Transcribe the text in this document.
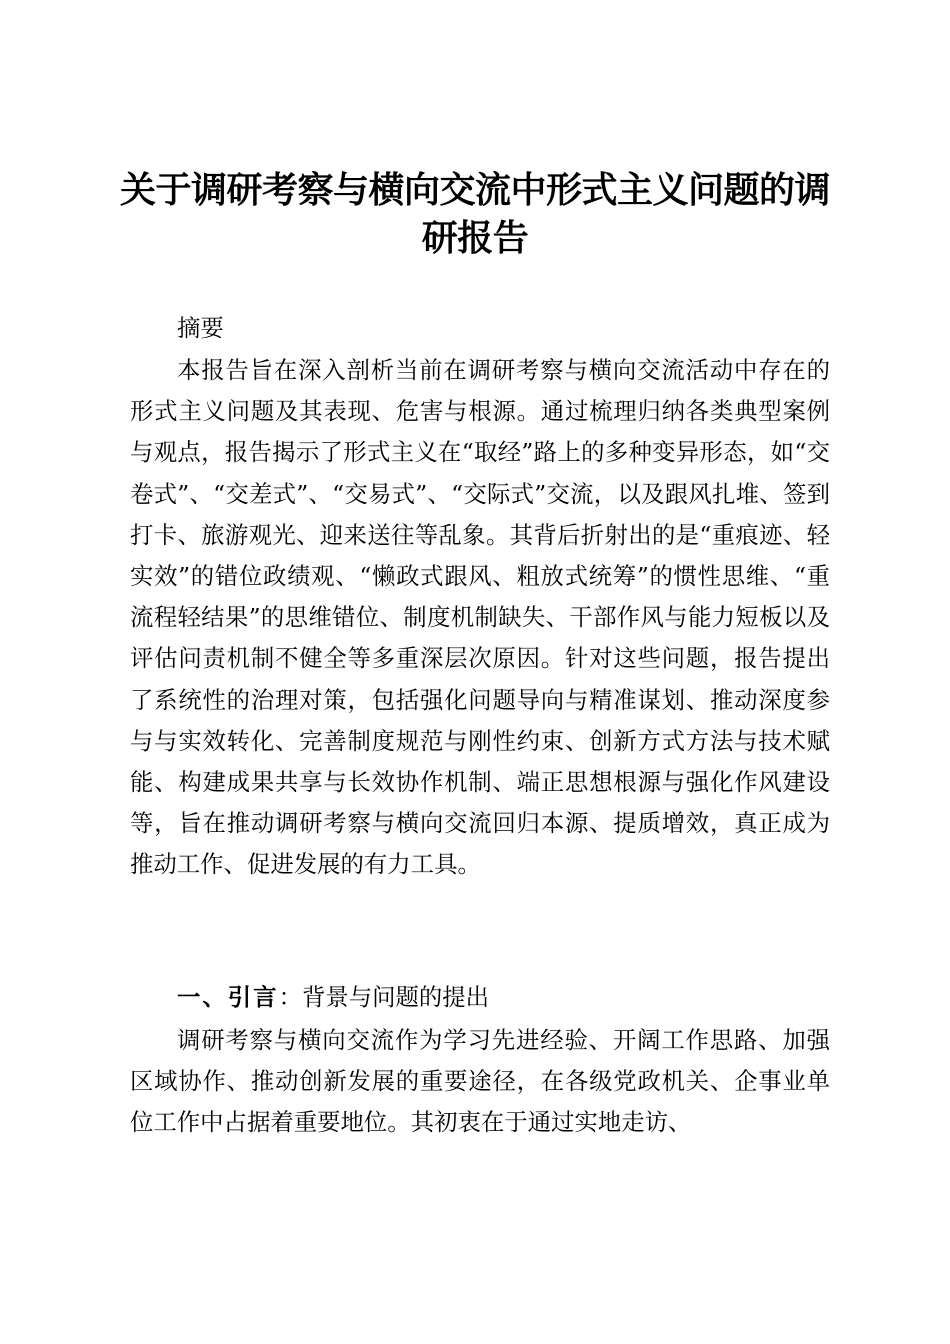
关于调研考察与横向交流中形式主义问题的调研报告

摘要

本报告旨在深入剖析当前在调研考察与横向交流活动中存在的形式主义问题及其表现、危害与根源。通过梳理归纳各类典型案例与观点，报告揭示了形式主义在“取经”路上的多种变异形态，如“交卷式”、“交差式”、“交易式”、“交际式”交流，以及跟风扎堆、签到打卡、旅游观光、迎来送往等乱象。其背后折射出的是“重痕迹、轻实效”的错位政绩观、“懒政式跟风、粗放式统筹”的惯性思维、“重流程轻结果”的思维错位、制度机制缺失、干部作风与能力短板以及评估问责机制不健全等多重深层次原因。针对这些问题，报告提出了系统性的治理对策，包括强化问题导向与精准谋划、推动深度参与与实效转化、完善制度规范与刚性约束、创新方式方法与技术赋能、构建成果共享与长效协作机制、端正思想根源与强化作风建设等，旨在推动调研考察与横向交流回归本源、提质增效，真正成为推动工作、促进发展的有力工具。

一、引言：背景与问题的提出

调研考察与横向交流作为学习先进经验、开阔工作思路、加强区域协作、推动创新发展的重要途径，在各级党政机关、企事业单位工作中占据着重要地位。其初衷在于通过实地走访、
